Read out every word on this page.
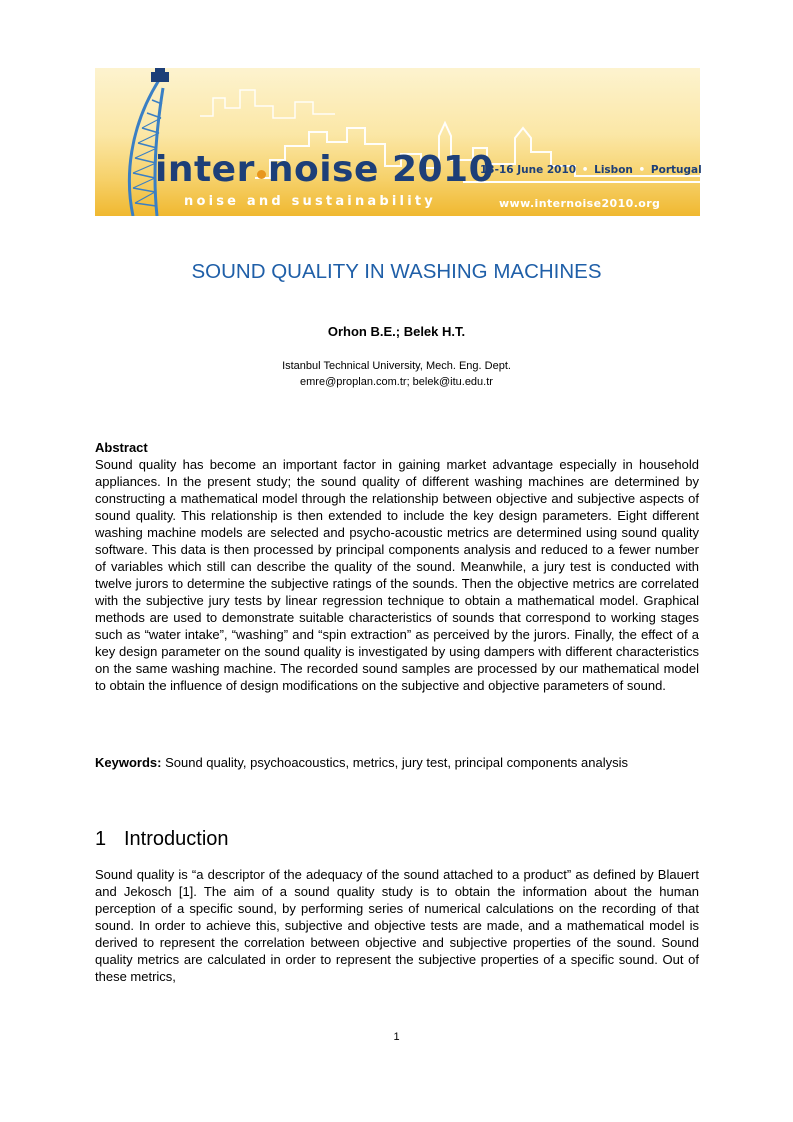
inter noise 2010
noise and sustainability
13-16 June 2010 • Lisbon • Portugal
www.internoise2010.org
SOUND QUALITY IN WASHING MACHINES
Orhon B.E.; Belek H.T.
Istanbul Technical University, Mech. Eng. Dept.
emre@proplan.com.tr; belek@itu.edu.tr
Abstract
Sound quality has become an important factor in gaining market advantage especially in household appliances. In the present study; the sound quality of different washing machines are determined by constructing a mathematical model through the relationship between objective and subjective aspects of sound quality. This relationship is then extended to include the key design parameters. Eight different washing machine models are selected and psycho-acoustic metrics are determined using sound quality software. This data is then processed by principal components analysis and reduced to a fewer number of variables which still can describe the quality of the sound. Meanwhile, a jury test is conducted with twelve jurors to determine the subjective ratings of the sounds. Then the objective metrics are correlated with the subjective jury tests by linear regression technique to obtain a mathematical model. Graphical methods are used to demonstrate suitable characteristics of sounds that correspond to working stages such as “water intake”, “washing” and “spin extraction” as perceived by the jurors. Finally, the effect of a key design parameter on the sound quality is investigated by using dampers with different characteristics on the same washing machine. The recorded sound samples are processed by our mathematical model to obtain the influence of design modifications on the subjective and objective parameters of sound.
Keywords: Sound quality, psychoacoustics, metrics, jury test, principal components analysis
1 Introduction
Sound quality is “a descriptor of the adequacy of the sound attached to a product” as defined by Blauert and Jekosch [1]. The aim of a sound quality study is to obtain the information about the human perception of a specific sound, by performing series of numerical calculations on the recording of that sound. In order to achieve this, subjective and objective tests are made, and a mathematical model is derived to represent the correlation between objective and subjective properties of the sound. Sound quality metrics are calculated in order to represent the subjective properties of a specific sound. Out of these metrics,
1
